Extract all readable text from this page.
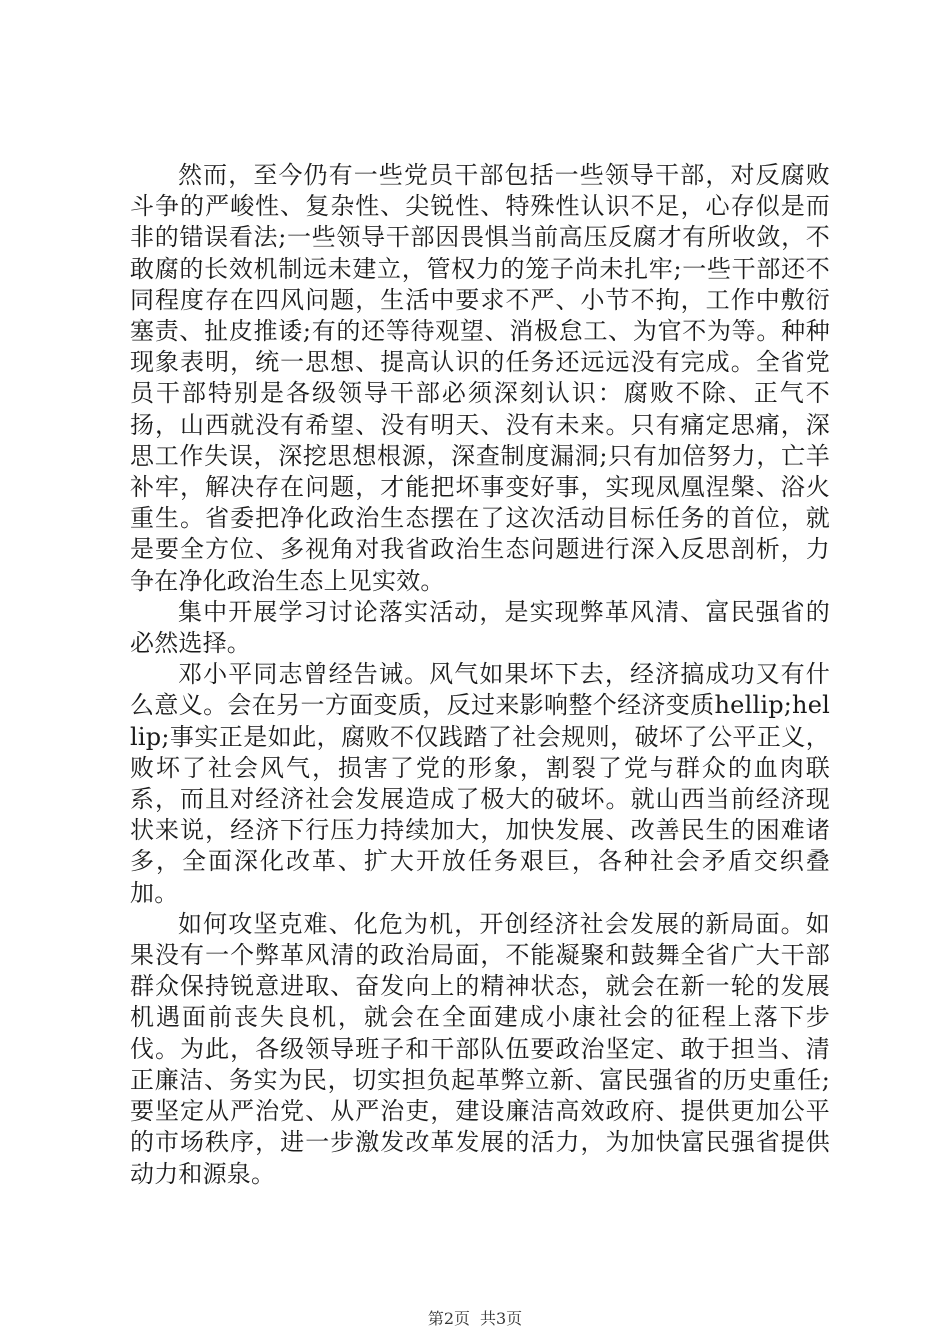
然而，至今仍有一些党员干部包括一些领导干部，对反腐败斗争的严峻性、复杂性、尖锐性、特殊性认识不足，心存似是而非的错误看法;一些领导干部因畏惧当前高压反腐才有所收敛，不敢腐的长效机制远未建立，管权力的笼子尚未扎牢;一些干部还不同程度存在四风问题，生活中要求不严、小节不拘，工作中敷衍塞责、扯皮推诿;有的还等待观望、消极怠工、为官不为等。种种现象表明，统一思想、提高认识的任务还远远没有完成。全省党员干部特别是各级领导干部必须深刻认识：腐败不除、正气不扬，山西就没有希望、没有明天、没有未来。只有痛定思痛，深思工作失误，深挖思想根源，深查制度漏洞;只有加倍努力，亡羊补牢，解决存在问题，才能把坏事变好事，实现凤凰涅槃、浴火重生。省委把净化政治生态摆在了这次活动目标任务的首位，就是要全方位、多视角对我省政治生态问题进行深入反思剖析，力争在净化政治生态上见实效。

集中开展学习讨论落实活动，是实现弊革风清、富民强省的必然选择。

邓小平同志曾经告诫。风气如果坏下去，经济搞成功又有什么意义。会在另一方面变质，反过来影响整个经济变质hellip;hellip;事实正是如此，腐败不仅践踏了社会规则，破坏了公平正义，败坏了社会风气，损害了党的形象，割裂了党与群众的血肉联系，而且对经济社会发展造成了极大的破坏。就山西当前经济现状来说，经济下行压力持续加大，加快发展、改善民生的困难诸多，全面深化改革、扩大开放任务艰巨，各种社会矛盾交织叠加。

如何攻坚克难、化危为机，开创经济社会发展的新局面。如果没有一个弊革风清的政治局面，不能凝聚和鼓舞全省广大干部群众保持锐意进取、奋发向上的精神状态，就会在新一轮的发展机遇面前丧失良机，就会在全面建成小康社会的征程上落下步伐。为此，各级领导班子和干部队伍要政治坚定、敢于担当、清正廉洁、务实为民，切实担负起革弊立新、富民强省的历史重任;要坚定从严治党、从严治吏，建设廉洁高效政府、提供更加公平的市场秩序，进一步激发改革发展的活力，为加快富民强省提供动力和源泉。

第2页 共3页
